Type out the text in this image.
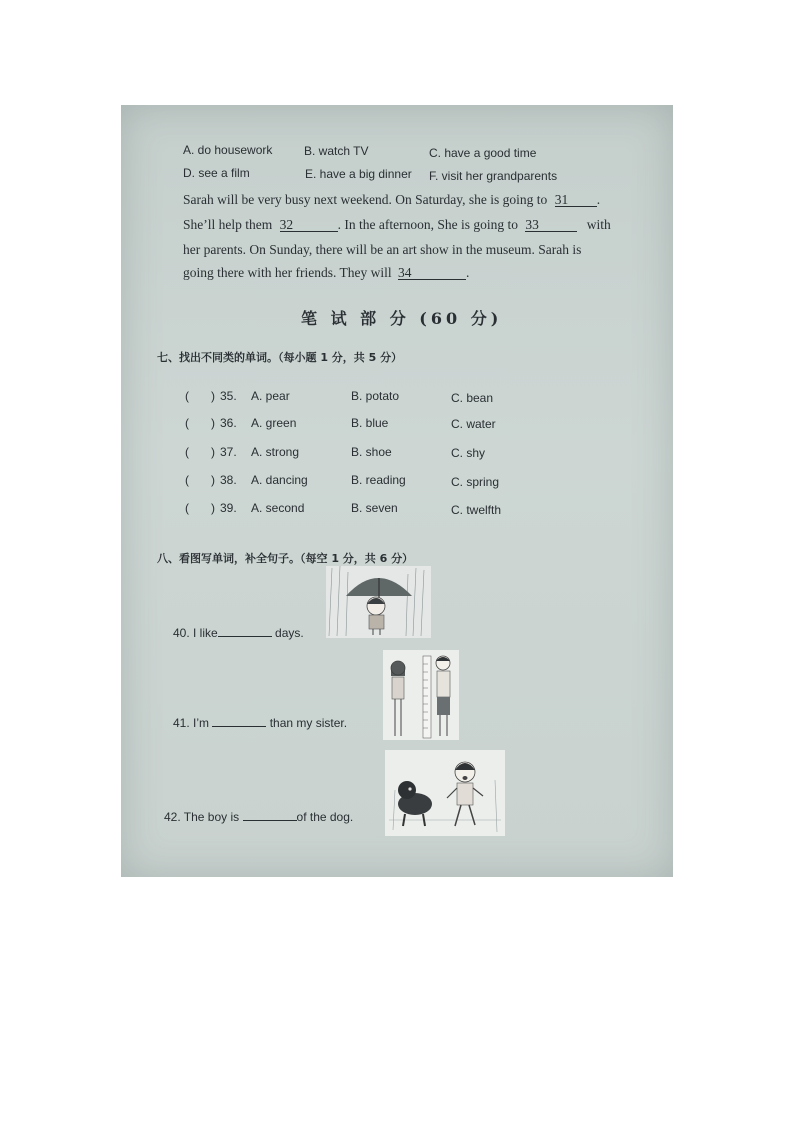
A. do housework	B. watch TV	C. have a good time
D. see a film	E. have a big dinner F. visit her grandparents
Sarah will be very busy next weekend. On Saturday, she is going to 31 .
She’ll help them 32	. In the afternoon, She is going to 33	with
her parents. On Sunday, there will be an art show in the museum. Sarah is
going there with her friends. They will 34	.
笔 试 部 分 (60 分)
七、找出不同类的单词。（每小题 1 分，共 5 分）
( ) 35. A. pear	B. potato	C. bean
( ) 36. A. green	B. blue	C. water
( ) 37. A. strong	B. shoe	C. shy
( ) 38. A. dancing	B. reading	C. spring
( ) 39. A. second	B. seven	C. twelfth
八、看图写单词，补全句子。（每空 1 分，共 6 分）
40. I like	days.
41. I’m	than my sister.
42. The boy is	of the dog.
